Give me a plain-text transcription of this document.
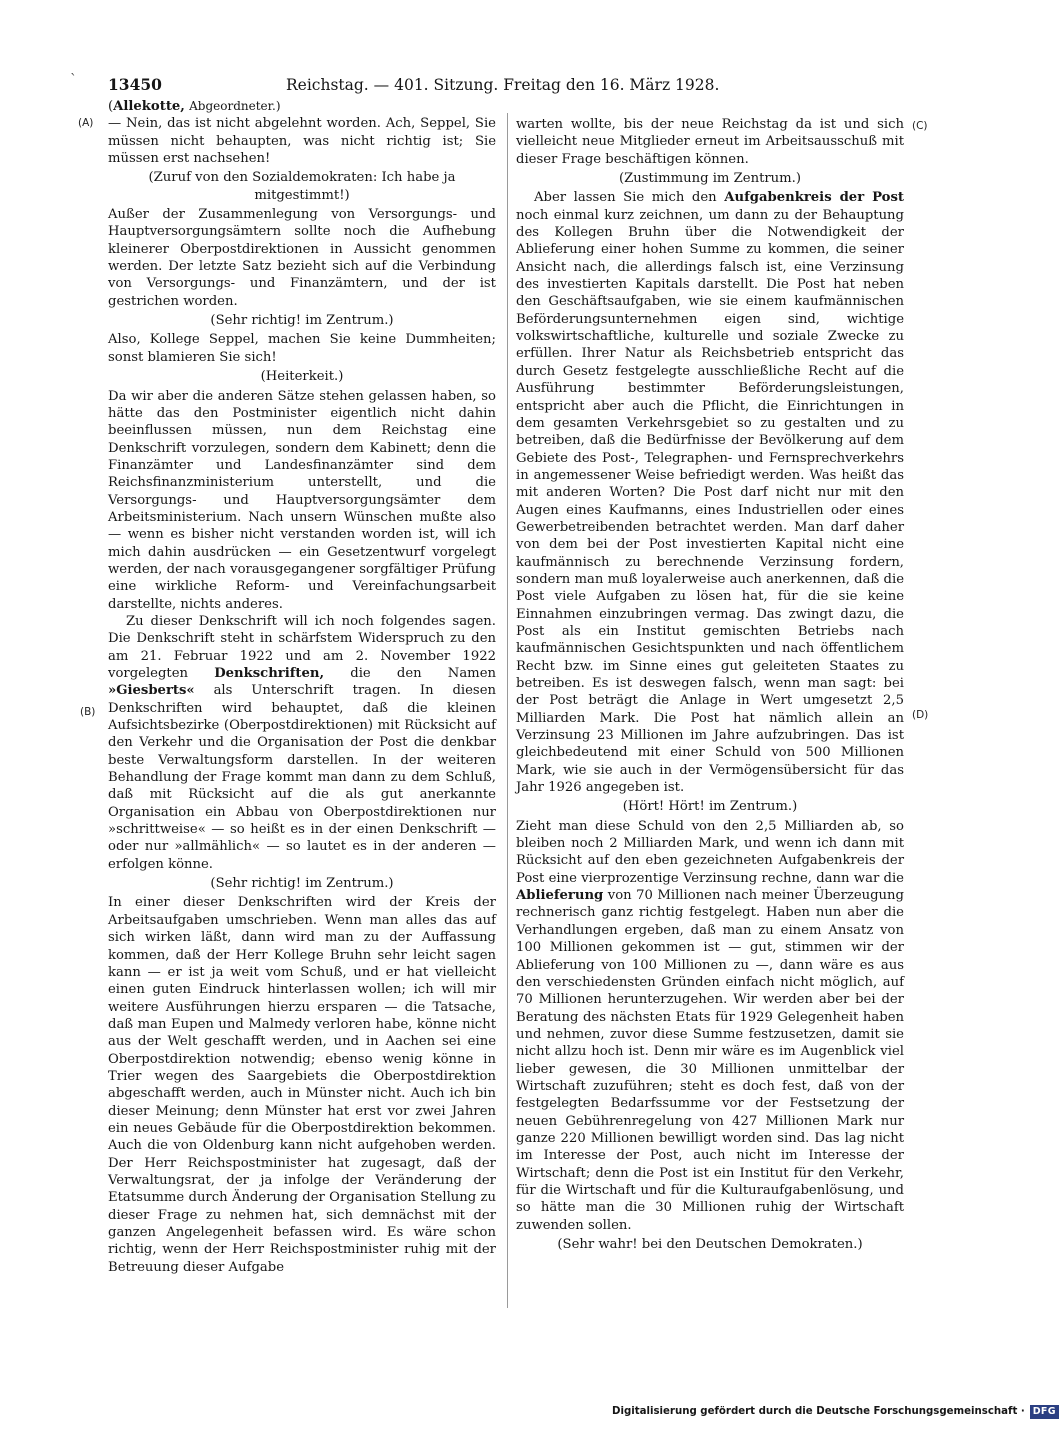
` 13450	Reichstag. — 401. Sitzung. Freitag den 16. März 1928.
(A)
(B)
(C)
(D)

(Allekotte, Abgeordneter.)

— Nein, das ist nicht abgelehnt worden. Ach, Seppel, Sie müssen nicht behaupten, was nicht richtig ist; Sie müssen erst nachsehen!

(Zuruf von den Sozialdemokraten: Ich habe ja mitgestimmt!)

Außer der Zusammenlegung von Versorgungs- und Hauptversorgungsämtern sollte noch die Aufhebung kleinerer Oberpostdirektionen in Aussicht genommen werden. Der letzte Satz bezieht sich auf die Verbindung von Versorgungs- und Finanzämtern, und der ist gestrichen worden.

(Sehr richtig! im Zentrum.)

Also, Kollege Seppel, machen Sie keine Dummheiten; sonst blamieren Sie sich!

(Heiterkeit.)

Da wir aber die anderen Sätze stehen gelassen haben, so hätte das den Postminister eigentlich nicht dahin beeinflussen müssen, nun dem Reichstag eine Denkschrift vorzulegen, sondern dem Kabinett; denn die Finanzämter und Landesfinanzämter sind dem Reichsfinanzministerium unterstellt, und die Versorgungs- und Hauptversorgungsämter dem Arbeitsministerium. Nach unsern Wünschen mußte also — wenn es bisher nicht verstanden worden ist, will ich mich dahin ausdrücken — ein Gesetzentwurf vorgelegt werden, der nach vorausgegangener sorgfältiger Prüfung eine wirkliche Reform- und Vereinfachungsarbeit darstellte, nichts anderes.

Zu dieser Denkschrift will ich noch folgendes sagen. Die Denkschrift steht in schärfstem Widerspruch zu den am 21. Februar 1922 und am 2. November 1922 vorgelegten Denkschriften, die den Namen »Giesberts« als Unterschrift tragen. In diesen Denkschriften wird behauptet, daß die kleinen Aufsichtsbezirke (Oberpostdirektionen) mit Rücksicht auf den Verkehr und die Organisation der Post die denkbar beste Verwaltungsform darstellen. In der weiteren Behandlung der Frage kommt man dann zu dem Schluß, daß mit Rücksicht auf die als gut anerkannte Organisation ein Abbau von Oberpostdirektionen nur »schrittweise« — so heißt es in der einen Denkschrift — oder nur »allmählich« — so lautet es in der anderen — erfolgen könne.

(Sehr richtig! im Zentrum.)

In einer dieser Denkschriften wird der Kreis der Arbeitsaufgaben umschrieben. Wenn man alles das auf sich wirken läßt, dann wird man zu der Auffassung kommen, daß der Herr Kollege Bruhn sehr leicht sagen kann — er ist ja weit vom Schuß, und er hat vielleicht einen guten Eindruck hinterlassen wollen; ich will mir weitere Ausführungen hierzu ersparen — die Tatsache, daß man Eupen und Malmedy verloren habe, könne nicht aus der Welt geschafft werden, und in Aachen sei eine Oberpostdirektion notwendig; ebenso wenig könne in Trier wegen des Saargebiets die Oberpostdirektion abgeschafft werden, auch in Münster nicht. Auch ich bin dieser Meinung; denn Münster hat erst vor zwei Jahren ein neues Gebäude für die Oberpostdirektion bekommen. Auch die von Oldenburg kann nicht aufgehoben werden. Der Herr Reichspostminister hat zugesagt, daß der Verwaltungsrat, der ja infolge der Veränderung der Etatsumme durch Änderung der Organisation Stellung zu dieser Frage zu nehmen hat, sich demnächst mit der ganzen Angelegenheit befassen wird. Es wäre schon richtig, wenn der Herr Reichspostminister ruhig mit der Betreuung dieser Aufgabe

warten wollte, bis der neue Reichstag da ist und sich vielleicht neue Mitglieder erneut im Arbeitsausschuß mit dieser Frage beschäftigen können.

(Zustimmung im Zentrum.)

Aber lassen Sie mich den Aufgabenkreis der Post noch einmal kurz zeichnen, um dann zu der Behauptung des Kollegen Bruhn über die Notwendigkeit der Ablieferung einer hohen Summe zu kommen, die seiner Ansicht nach, die allerdings falsch ist, eine Verzinsung des investierten Kapitals darstellt. Die Post hat neben den Geschäftsaufgaben, wie sie einem kaufmännischen Beförderungsunternehmen eigen sind, wichtige volkswirtschaftliche, kulturelle und soziale Zwecke zu erfüllen. Ihrer Natur als Reichsbetrieb entspricht das durch Gesetz festgelegte ausschließliche Recht auf die Ausführung bestimmter Beförderungsleistungen, entspricht aber auch die Pflicht, die Einrichtungen in dem gesamten Verkehrsgebiet so zu gestalten und zu betreiben, daß die Bedürfnisse der Bevölkerung auf dem Gebiete des Post-, Telegraphen- und Fernsprechverkehrs in angemessener Weise befriedigt werden. Was heißt das mit anderen Worten? Die Post darf nicht nur mit den Augen eines Kaufmanns, eines Industriellen oder eines Gewerbetreibenden betrachtet werden. Man darf daher von dem bei der Post investierten Kapital nicht eine kaufmännisch zu berechnende Verzinsung fordern, sondern man muß loyalerweise auch anerkennen, daß die Post viele Aufgaben zu lösen hat, für die sie keine Einnahmen einzubringen vermag. Das zwingt dazu, die Post als ein Institut gemischten Betriebs nach kaufmännischen Gesichtspunkten und nach öffentlichem Recht bzw. im Sinne eines gut geleiteten Staates zu betreiben. Es ist deswegen falsch, wenn man sagt: bei der Post beträgt die Anlage in Wert umgesetzt 2,5 Milliarden Mark. Die Post hat nämlich allein an Verzinsung 23 Millionen im Jahre aufzubringen. Das ist gleichbedeutend mit einer Schuld von 500 Millionen Mark, wie sie auch in der Vermögensübersicht für das Jahr 1926 angegeben ist.

(Hört! Hört! im Zentrum.)

Zieht man diese Schuld von den 2,5 Milliarden ab, so bleiben noch 2 Milliarden Mark, und wenn ich dann mit Rücksicht auf den eben gezeichneten Aufgabenkreis der Post eine vierprozentige Verzinsung rechne, dann war die Ablieferung von 70 Millionen nach meiner Überzeugung rechnerisch ganz richtig festgelegt. Haben nun aber die Verhandlungen ergeben, daß man zu einem Ansatz von 100 Millionen gekommen ist — gut, stimmen wir der Ablieferung von 100 Millionen zu —, dann wäre es aus den verschiedensten Gründen einfach nicht möglich, auf 70 Millionen herunterzugehen. Wir werden aber bei der Beratung des nächsten Etats für 1929 Gelegenheit haben und nehmen, zuvor diese Summe festzusetzen, damit sie nicht allzu hoch ist. Denn mir wäre es im Augenblick viel lieber gewesen, die 30 Millionen unmittelbar der Wirtschaft zuzuführen; steht es doch fest, daß von der festgelegten Bedarfssumme vor der Festsetzung der neuen Gebührenregelung von 427 Millionen Mark nur ganze 220 Millionen bewilligt worden sind. Das lag nicht im Interesse der Post, auch nicht im Interesse der Wirtschaft; denn die Post ist ein Institut für den Verkehr, für die Wirtschaft und für die Kulturaufgabenlösung, und so hätte man die 30 Millionen ruhig der Wirtschaft zuwenden sollen.

(Sehr wahr! bei den Deutschen Demokraten.)

Digitalisierung gefördert durch die Deutsche Forschungsgemeinschaft · DFG
